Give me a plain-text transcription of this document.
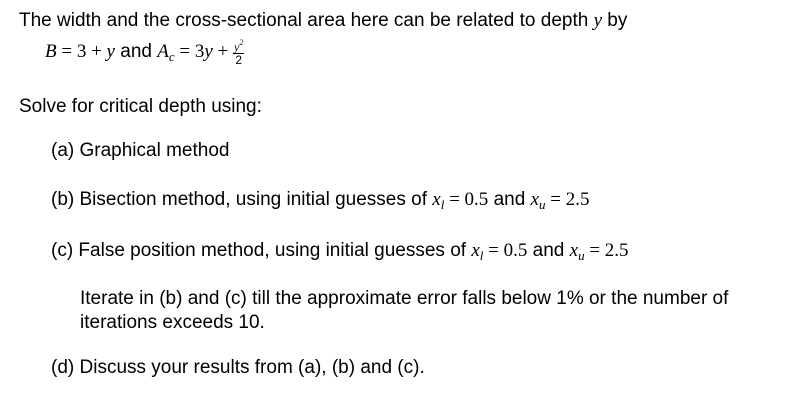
The width and the cross-sectional area here can be related to depth y by
B = 3 + y and $A_c = 3y + \frac{y^2}{2}$
Solve for critical depth using:
(a) Graphical method
(b) Bisection method, using initial guesses of $x_l = 0.5$ and $x_u = 2.5$
(c) False position method, using initial guesses of $x_l = 0.5$ and $x_u = 2.5$
Iterate in (b) and (c) till the approximate error falls below 1% or the number of
iterations exceeds 10.
(d) Discuss your results from (a), (b) and (c).
